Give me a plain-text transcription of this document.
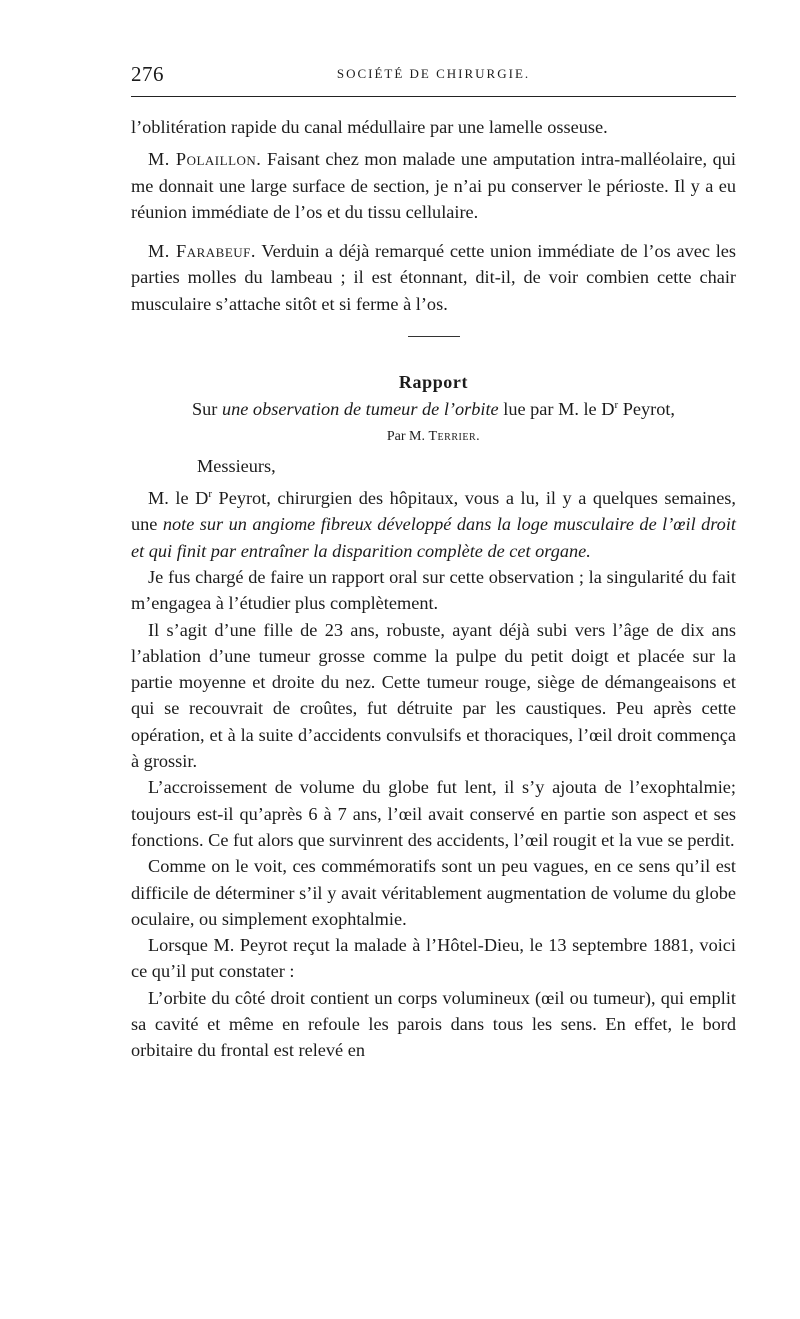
276	SOCIÉTÉ DE CHIRURGIE.

l’oblitération rapide du canal médullaire par une lamelle osseuse.

M. Polaillon. Faisant chez mon malade une amputation intra-malléolaire, qui me donnait une large surface de section, je n’ai pu conserver le périoste. Il y a eu réunion immédiate de l’os et du tissu cellulaire.

M. Farabeuf. Verduin a déjà remarqué cette union immédiate de l’os avec les parties molles du lambeau ; il est étonnant, dit-il, de voir combien cette chair musculaire s’attache sitôt et si ferme à l’os.

Rapport
Sur une observation de tumeur de l’orbite lue par M. le $D^r$ Peyrot,
Par M. Terrier.
Messieurs,

M. le $D^r$ Peyrot, chirurgien des hôpitaux, vous a lu, il y a quelques semaines, une note sur un angiome fibreux développé dans la loge musculaire de l’œil droit et qui finit par entraîner la disparition complète de cet organe.

Je fus chargé de faire un rapport oral sur cette observation ; la singularité du fait m’engagea à l’étudier plus complètement.

Il s’agit d’une fille de 23 ans, robuste, ayant déjà subi vers l’âge de dix ans l’ablation d’une tumeur grosse comme la pulpe du petit doigt et placée sur la partie moyenne et droite du nez. Cette tumeur rouge, siège de démangeaisons et qui se recouvrait de croûtes, fut détruite par les caustiques. Peu après cette opération, et à la suite d’accidents convulsifs et thoraciques, l’œil droit commença à grossir.

L’accroissement de volume du globe fut lent, il s’y ajouta de l’exophtalmie; toujours est-il qu’après 6 à 7 ans, l’œil avait conservé en partie son aspect et ses fonctions. Ce fut alors que survinrent des accidents, l’œil rougit et la vue se perdit.

Comme on le voit, ces commémoratifs sont un peu vagues, en ce sens qu’il est difficile de déterminer s’il y avait véritablement augmentation de volume du globe oculaire, ou simplement exophtalmie.

Lorsque M. Peyrot reçut la malade à l’Hôtel-Dieu, le 13 septembre 1881, voici ce qu’il put constater :

L’orbite du côté droit contient un corps volumineux (œil ou tumeur), qui emplit sa cavité et même en refoule les parois dans tous les sens. En effet, le bord orbitaire du frontal est relevé en
